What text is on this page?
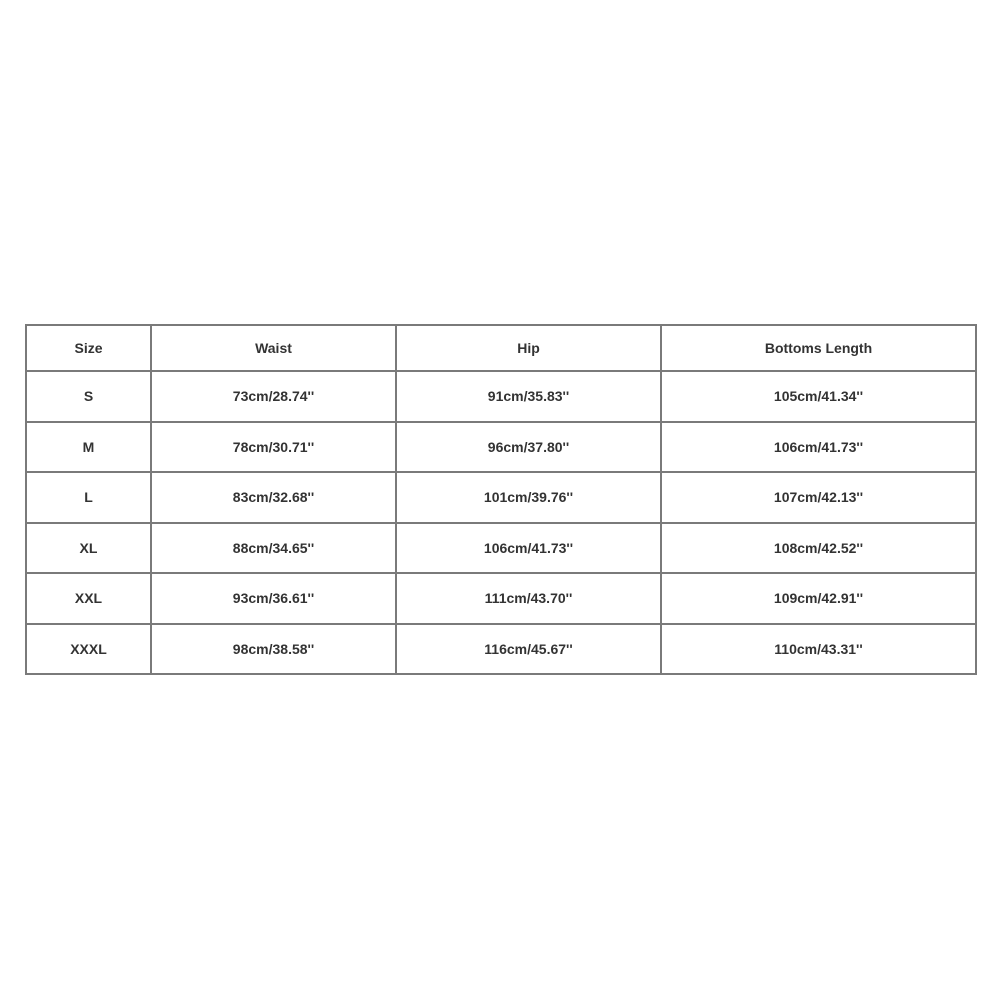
Size	Waist	Hip	Bottoms Length
S	73cm/28.74''	91cm/35.83''	105cm/41.34''
M	78cm/30.71''	96cm/37.80''	106cm/41.73''
L	83cm/32.68''	101cm/39.76''	107cm/42.13''
XL	88cm/34.65''	106cm/41.73''	108cm/42.52''
XXL	93cm/36.61''	111cm/43.70''	109cm/42.91''
XXXL	98cm/38.58''	116cm/45.67''	110cm/43.31''
